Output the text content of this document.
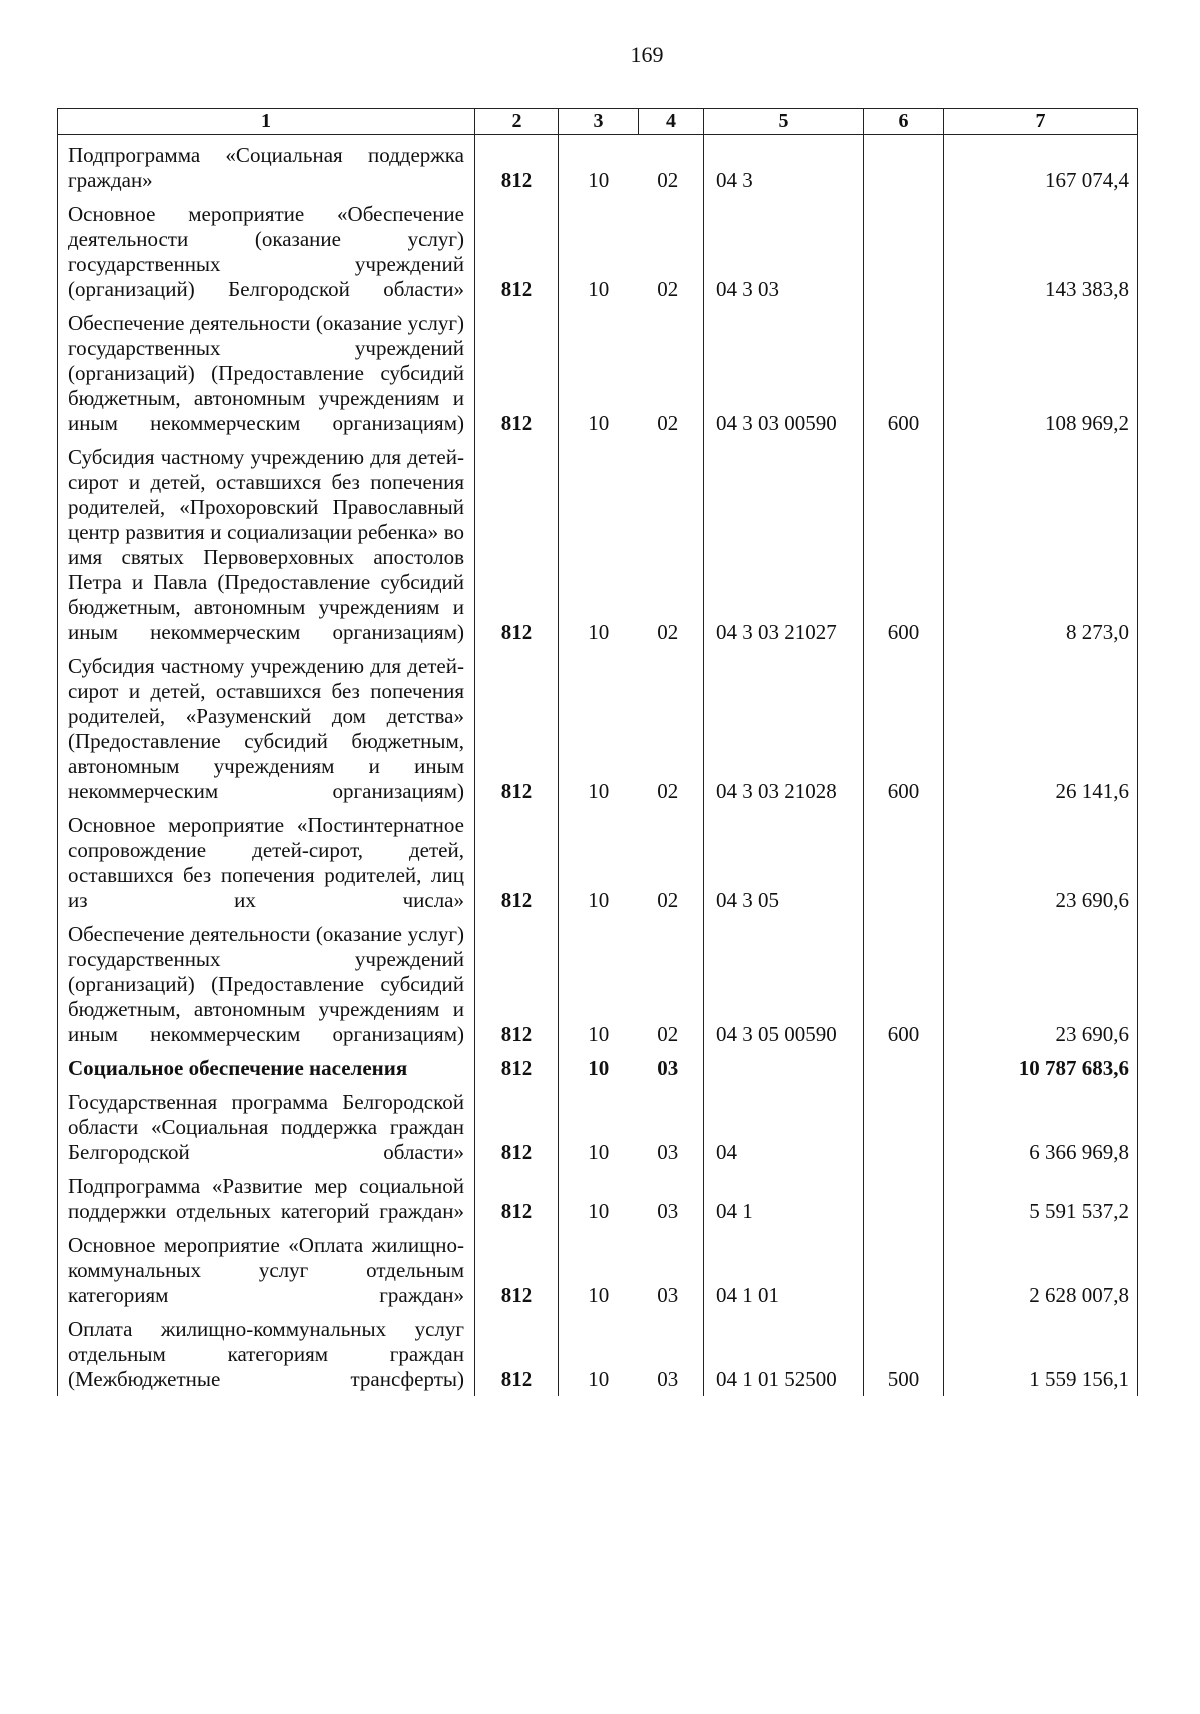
169
1	2	3	4	5	6	7
Подпрограмма «Социальная поддержка граждан»	812	10	02	04 3		167 074,4
Основное мероприятие «Обеспечение деятельности (оказание услуг) государственных учреждений (организаций) Белгородской области»	812	10	02	04 3 03		143 383,8
Обеспечение деятельности (оказание услуг) государственных учреждений (организаций) (Предоставление субсидий бюджетным, автономным учреждениям и иным некоммерческим организациям)	812	10	02	04 3 03 00590	600	108 969,2
Субсидия частному учреждению для детей-сирот и детей, оставшихся без попечения родителей, «Прохоровский Православный центр развития и социализации ребенка» во имя святых Первоверховных апостолов Петра и Павла (Предоставление субсидий бюджетным, автономным учреждениям и иным некоммерческим организациям)	812	10	02	04 3 03 21027	600	8 273,0
Субсидия частному учреждению для детей-сирот и детей, оставшихся без попечения родителей, «Разуменский дом детства» (Предоставление субсидий бюджетным, автономным учреждениям и иным некоммерческим организациям)	812	10	02	04 3 03 21028	600	26 141,6
Основное мероприятие «Постинтернатное сопровождение детей-сирот, детей, оставшихся без попечения родителей, лиц из их числа»	812	10	02	04 3 05		23 690,6
Обеспечение деятельности (оказание услуг) государственных учреждений (организаций) (Предоставление субсидий бюджетным, автономным учреждениям и иным некоммерческим организациям)	812	10	02	04 3 05 00590	600	23 690,6
Социальное обеспечение населения	812	10	03			10 787 683,6
Государственная программа Белгородской области «Социальная поддержка граждан Белгородской области»	812	10	03	04		6 366 969,8
Подпрограмма «Развитие мер социальной поддержки отдельных категорий граждан»	812	10	03	04 1		5 591 537,2
Основное мероприятие «Оплата жилищно-коммунальных услуг отдельным категориям граждан»	812	10	03	04 1 01		2 628 007,8
Оплата жилищно-коммунальных услуг отдельным категориям граждан (Межбюджетные трансферты)	812	10	03	04 1 01 52500	500	1 559 156,1
